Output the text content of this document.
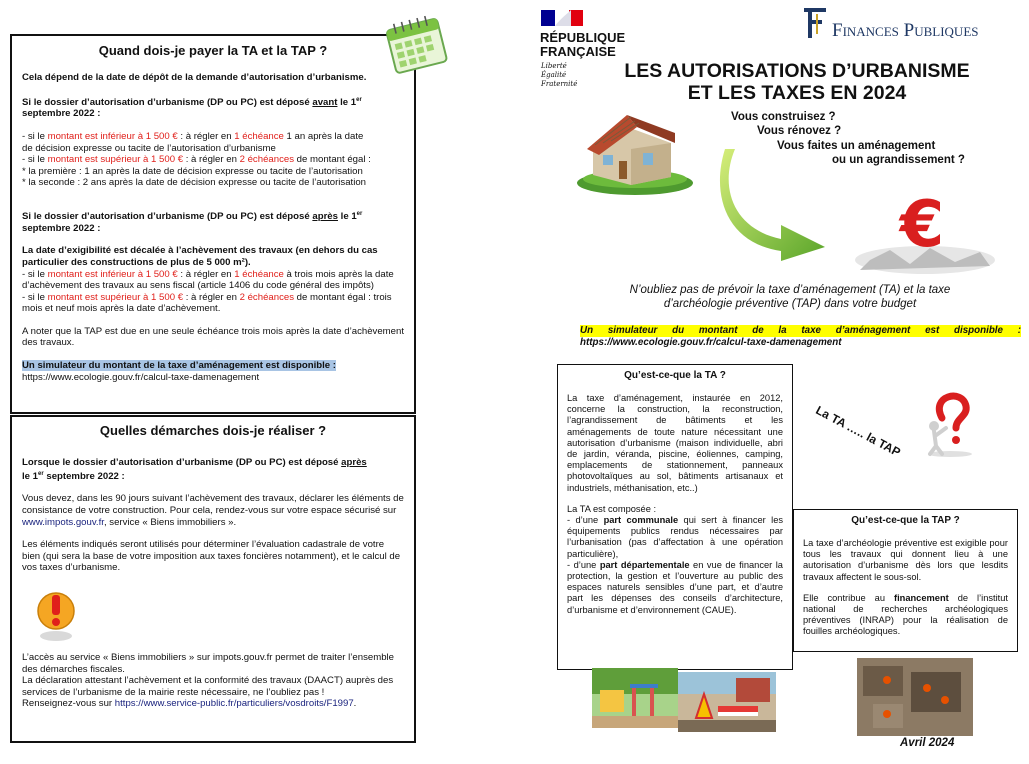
Quand dois-je payer la TA et la TAP ?

Cela dépend de la date de dépôt de la demande d’autorisation d’urbanisme.

Si le dossier d’autorisation d’urbanisme (DP ou PC) est déposé avant le 1er
septembre 2022 :

- si le montant est inférieur à 1 500 € : à régler en 1 échéance 1 an après la date

de décision expresse ou tacite de l’autorisation d’urbanisme

- si le montant est supérieur à 1 500 € : à régler en 2 échéances de montant égal :

* la première : 1 an après la date de décision expresse ou tacite de l’autorisation

* la seconde : 2 ans après la date de décision expresse ou tacite de l’autorisation

Si le dossier d’autorisation d’urbanisme (DP ou PC) est déposé après le 1er
septembre 2022 :

La date d’exigibilité est décalée à l’achèvement des travaux (en dehors du cas particulier des constructions de plus de 5 000 m²).

- si le montant est inférieur à 1 500 € : à régler en 1 échéance à trois mois après la date d’achèvement des travaux au sens fiscal (article 1406 du code général des impôts)

- si le montant est supérieur à 1 500 € : à régler en 2 échéances de montant égal : trois mois et neuf mois après la date d’achèvement.

A noter que la TAP est due en une seule échéance trois mois après la date d’achèvement des travaux.

Un simulateur du montant de la taxe d’aménagement est disponible :
https://www.ecologie.gouv.fr/calcul-taxe-damenagement

Quelles démarches dois-je réaliser ?

Lorsque le dossier d’autorisation d’urbanisme (DP ou PC) est déposé après
le 1er septembre 2022 :

Vous devez, dans les 90 jours suivant l’achèvement des travaux, déclarer les éléments de consistance de votre construction. Pour cela, rendez-vous sur votre espace sécurisé sur www.impots.gouv.fr, service « Biens immobiliers ».

Les éléments indiqués seront utilisés pour déterminer l’évaluation cadastrale de votre bien (qui sera la base de votre imposition aux taxes foncières notamment), et le calcul de vos taxes d’urbanisme.

L’accès au service « Biens immobiliers » sur impots.gouv.fr permet de traiter l’ensemble des démarches fiscales.

La déclaration attestant l’achèvement et la conformité des travaux (DAACT) auprès des services de l’urbanisme de la mairie reste nécessaire, ne l’oubliez pas !

Renseignez-vous sur https://www.service-public.fr/particuliers/vosdroits/F1997.

RÉPUBLIQUE
FRANÇAISE
Liberté
Égalité
Fraternité
Finances Publiques
LES AUTORISATIONS D’URBANISME
ET LES TAXES EN 2024
Vous construisez ?
Vous rénovez ?
Vous faites un aménagement
ou un agrandissement ?
€
N’oubliez pas de prévoir la taxe d’aménagement (TA) et la taxe
d’archéologie préventive (TAP) dans votre budget
Un simulateur du montant de la taxe d’aménagement est disponible :
https://www.ecologie.gouv.fr/calcul-taxe-damenagement
Qu’est-ce-que la TA ?

La taxe d’aménagement, instaurée en 2012, concerne la construction, la reconstruction, l’agrandissement de bâtiments et les aménagements de toute nature nécessitant une autorisation d’urbanisme (maison individuelle, abri de jardin, véranda, piscine, éoliennes, camping, emplacements de stationnement, panneaux photovoltaïques au sol, bâtiments artisanaux et industriels, méthanisation, etc..)

La TA est composée :

- d’une part communale qui sert à financer les équipements publics rendus nécessaires par l’urbanisation (pas d’affectation à une opération particulière),

- d’une part départementale en vue de financer la protection, la gestion et l’ouverture au public des espaces naturels sensibles d’une part, et d’autre part les dépenses des conseils d’architecture, d’urbanisme et d’environnement (CAUE).

La TA ….. la TAP
Qu’est-ce-que la TAP ?

La taxe d’archéologie préventive est exigible pour tous les travaux qui donnent lieu à une autorisation d’urbanisme dès lors que lesdits travaux affectent le sous-sol.

Elle contribue au financement de l’institut national de recherches archéologiques préventives (INRAP) pour la réalisation de fouilles archéologiques.

Avril 2024
